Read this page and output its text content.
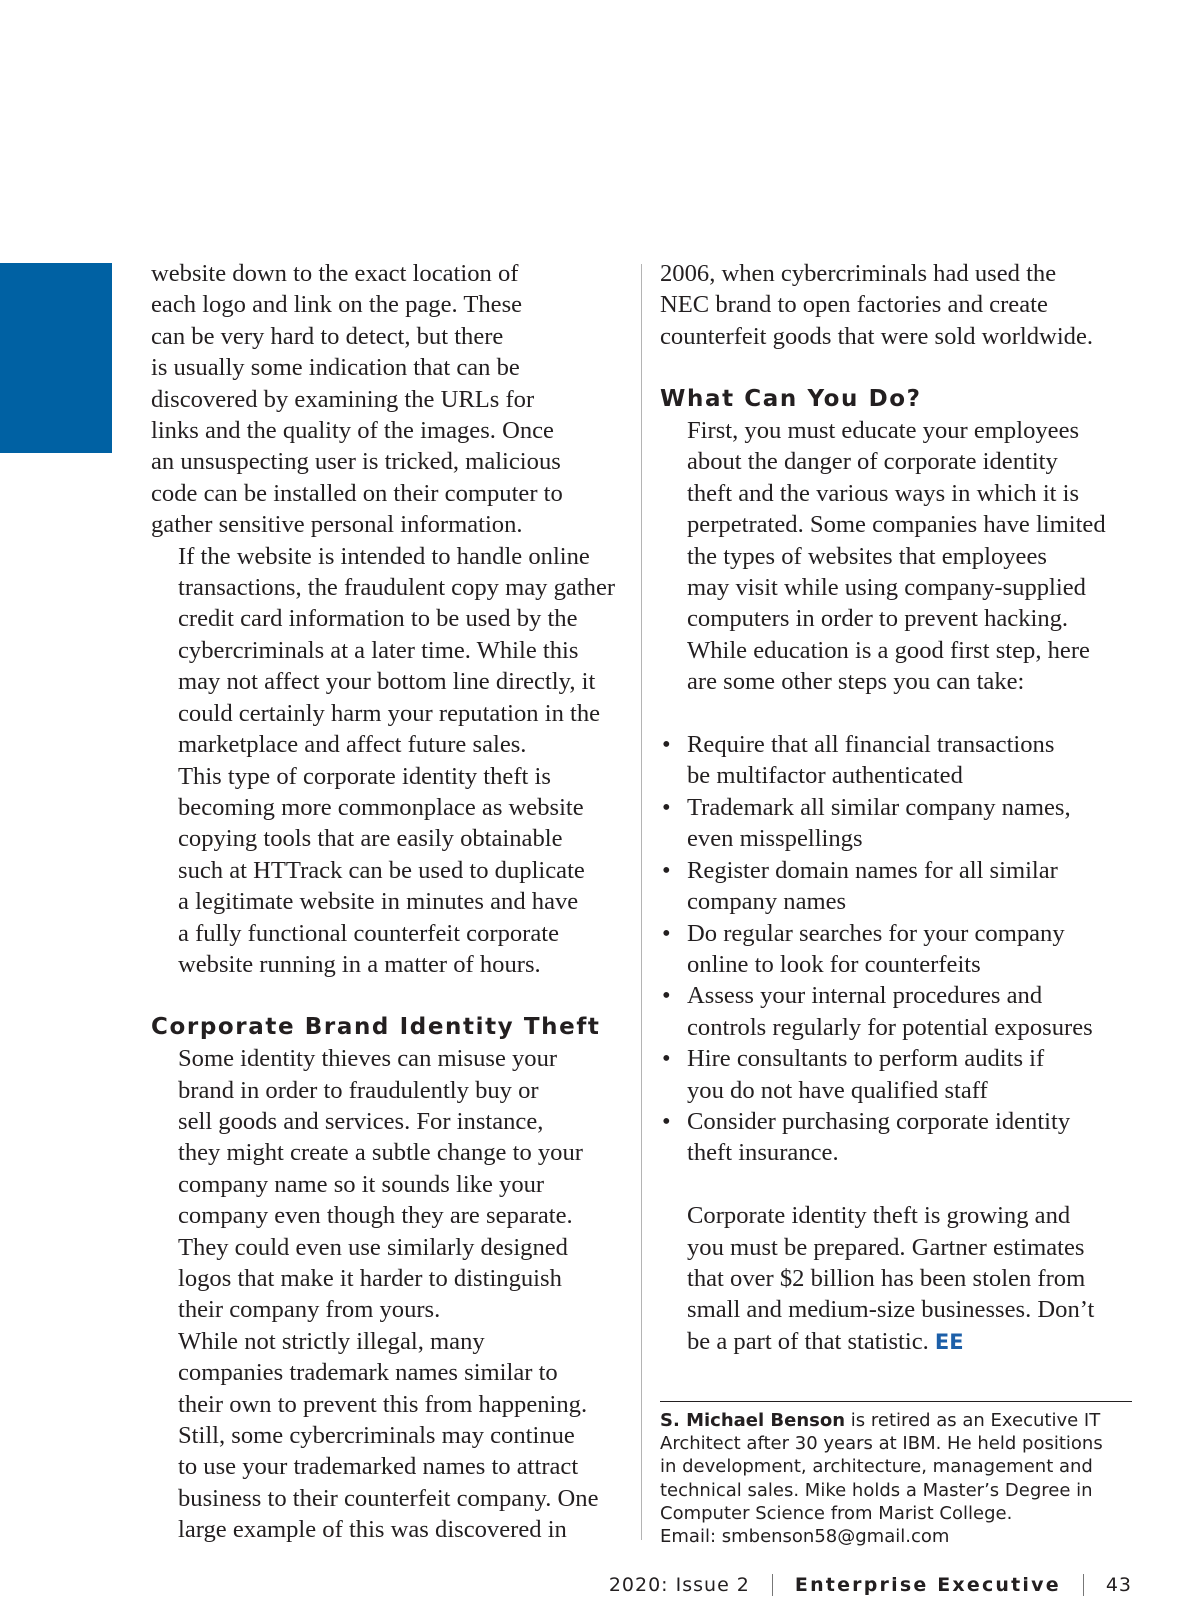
website down to the exact location of
each logo and link on the page. These
can be very hard to detect, but there
is usually some indication that can be
discovered by examining the URLs for
links and the quality of the images. Once
an unsuspecting user is tricked, malicious
code can be installed on their computer to
gather sensitive personal information.

If the website is intended to handle online
transactions, the fraudulent copy may gather
credit card information to be used by the
cybercriminals at a later time. While this
may not affect your bottom line directly, it
could certainly harm your reputation in the
marketplace and affect future sales.

This type of corporate identity theft is
becoming more commonplace as website
copying tools that are easily obtainable
such at HTTrack can be used to duplicate
a legitimate website in minutes and have
a fully functional counterfeit corporate
website running in a matter of hours.

Corporate Brand Identity Theft

Some identity thieves can misuse your
brand in order to fraudulently buy or
sell goods and services. For instance,
they might create a subtle change to your
company name so it sounds like your
company even though they are separate.
They could even use similarly designed
logos that make it harder to distinguish
their company from yours.

While not strictly illegal, many
companies trademark names similar to
their own to prevent this from happening.
Still, some cybercriminals may continue
to use your trademarked names to attract
business to their counterfeit company. One
large example of this was discovered in

2006, when cybercriminals had used the
NEC brand to open factories and create
counterfeit goods that were sold worldwide.

What Can You Do?

First, you must educate your employees
about the danger of corporate identity
theft and the various ways in which it is
perpetrated. Some companies have limited
the types of websites that employees
may visit while using company-supplied
computers in order to prevent hacking.
While education is a good first step, here
are some other steps you can take:

• Require that all financial transactions
be multifactor authenticated
• Trademark all similar company names,
even misspellings
• Register domain names for all similar
company names
• Do regular searches for your company
online to look for counterfeits
• Assess your internal procedures and
controls regularly for potential exposures
• Hire consultants to perform audits if
you do not have qualified staff
• Consider purchasing corporate identity
theft insurance.

Corporate identity theft is growing and
you must be prepared. Gartner estimates
that over $2 billion has been stolen from
small and medium-size businesses. Don’t
be a part of that statistic. EE

S. Michael Benson is retired as an Executive IT
Architect after 30 years at IBM. He held positions
in development, architecture, management and
technical sales. Mike holds a Master’s Degree in
Computer Science from Marist College.
Email: smbenson58@gmail.com
2020: Issue 2 Enterprise Executive 43
